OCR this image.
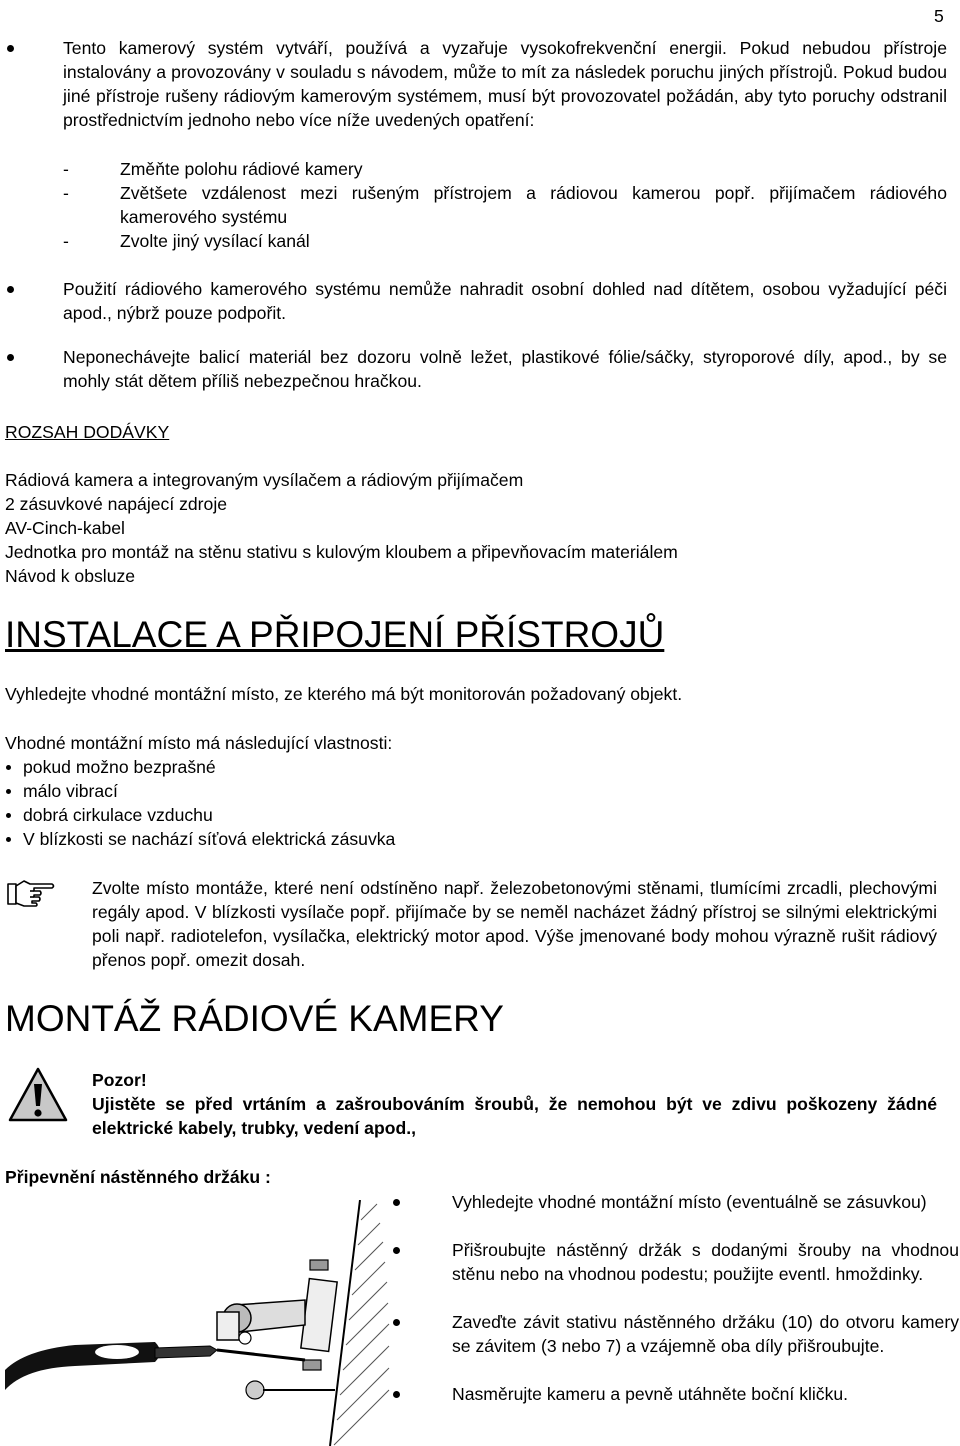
5

Tento kamerový systém vytváří, používá a vyzařuje vysokofrekvenční energii. Pokud nebudou přístroje instalovány a provozovány v souladu s návodem, může to mít za následek poruchu jiných přístrojů. Pokud budou jiné přístroje rušeny rádiovým kamerovým systémem, musí být provozovatel požádán, aby tyto poruchy odstranil prostřednictvím jednoho nebo více níže uvedených opatření:

-	Změňte polohu rádiové kamery

-	Zvětšete vzdálenost mezi rušeným přístrojem a rádiovou kamerou popř. přijímačem rádiového kamerového systému

-	Zvolte jiný vysílací kanál

Použití rádiového kamerového systému nemůže nahradit osobní dohled nad dítětem, osobou vyžadující péči apod., nýbrž pouze podpořit.

Neponechávejte balicí materiál bez dozoru volně ležet, plastikové fólie/sáčky, styroporové díly, apod., by se mohly stát dětem příliš nebezpečnou hračkou.

ROZSAH DODÁVKY
Rádiová kamera a integrovaným vysílačem a rádiovým přijímačem
2 zásuvkové napájecí zdroje
AV-Cinch-kabel
Jednotka pro montáž na stěnu stativu s kulovým kloubem a připevňovacím materiálem
Návod k obsluze
INSTALACE A PŘIPOJENÍ PŘÍSTROJŮ

Vyhledejte vhodné montážní místo, ze kterého má být monitorován požadovaný objekt.

Vhodné montážní místo má následující vlastnosti:

pokud možno bezprašné
málo vibrací
dobrá cirkulace vzduchu
V blízkosti se nachází síťová elektrická zásuvka

Zvolte místo montáže, které není odstíněno např. železobetonovými stěnami, tlumícími zrcadli, plechovými regály apod. V blízkosti vysílače popř. přijímače by se neměl nacházet žádný přístroj se silnými elektrickými poli např. radiotelefon, vysílačka, elektrický motor apod. Výše jmenované body mohou výrazně rušit rádiový přenos popř. omezit dosah.

MONTÁŽ RÁDIOVÉ KAMERY
Pozor!

Ujistěte se před vrtáním a zašroubováním šroubů, že nemohou být ve zdivu poškozeny žádné elektrické kabely, trubky, vedení apod.,

Připevnění nástěnného držáku :

Vyhledejte vhodné montážní místo (eventuálně se zásuvkou)

Přišroubujte nástěnný držák s dodanými šrouby na vhodnou stěnu nebo na vhodnou podestu; použijte eventl. hmoždinky.

Zaveďte závit stativu nástěnného držáku (10) do otvoru kamery se závitem (3 nebo 7) a vzájemně oba díly přišroubujte.

Nasměrujte kameru a pevně utáhněte boční kličku.
